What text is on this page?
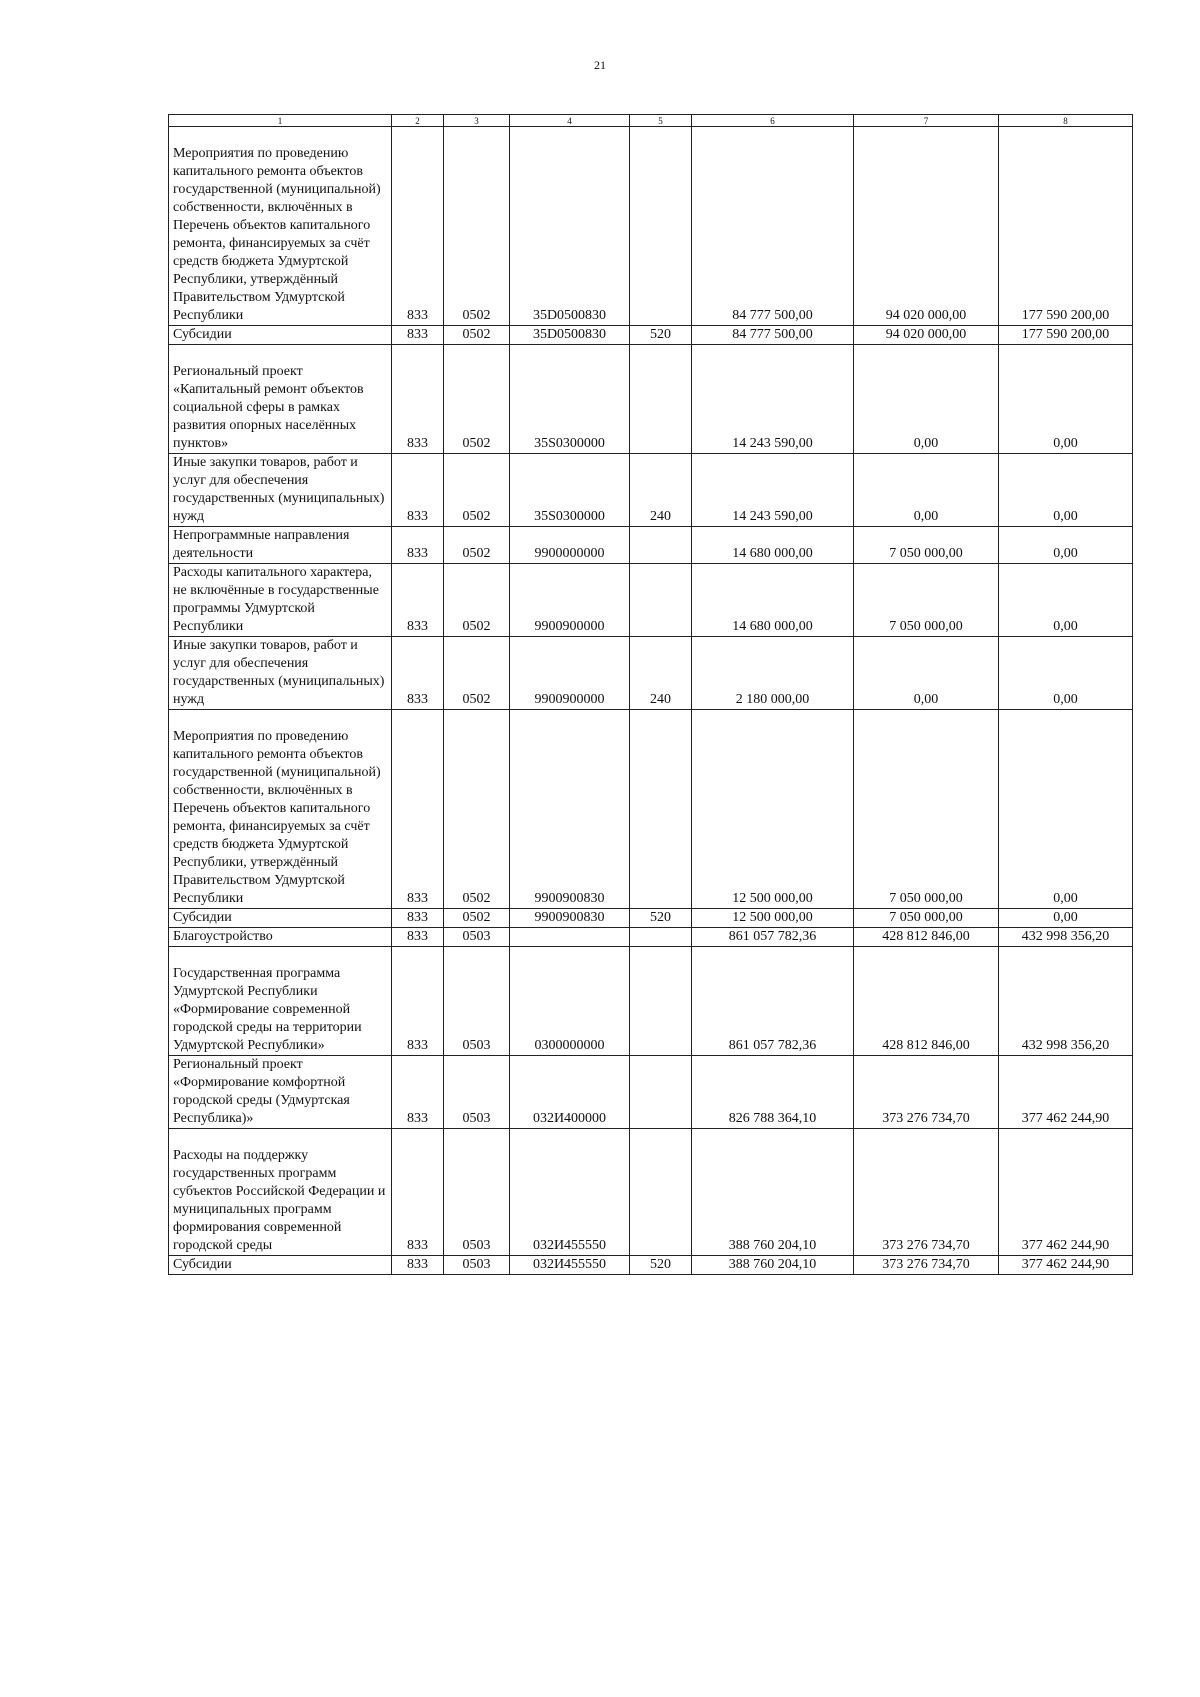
21
1	2	3	4	5	6	7	8

Мероприятия по проведению капитального ремонта объектов государственной (муниципальной) собственности, включённых в Перечень объектов капитального ремонта, финансируемых за счёт средств бюджета Удмуртской Республики, утверждённый Правительством Удмуртской Республики	833	0502	35D0500830		84 777 500,00	94 020 000,00	177 590 200,00
Субсидии	833	0502	35D0500830	520	84 777 500,00	94 020 000,00	177 590 200,00

Региональный проект «Капитальный ремонт объектов социальной сферы в рамках развития опорных населённых пунктов»	833	0502	35S0300000		14 243 590,00	0,00	0,00
Иные закупки товаров, работ и услуг для обеспечения государственных (муниципальных) нужд	833	0502	35S0300000	240	14 243 590,00	0,00	0,00
Непрограммные направления деятельности	833	0502	9900000000		14 680 000,00	7 050 000,00	0,00
Расходы капитального характера, не включённые в государственные программы Удмуртской Республики	833	0502	9900900000		14 680 000,00	7 050 000,00	0,00
Иные закупки товаров, работ и услуг для обеспечения государственных (муниципальных) нужд	833	0502	9900900000	240	2 180 000,00	0,00	0,00

Мероприятия по проведению капитального ремонта объектов государственной (муниципальной) собственности, включённых в Перечень объектов капитального ремонта, финансируемых за счёт средств бюджета Удмуртской Республики, утверждённый Правительством Удмуртской Республики	833	0502	9900900830		12 500 000,00	7 050 000,00	0,00
Субсидии	833	0502	9900900830	520	12 500 000,00	7 050 000,00	0,00
Благоустройство	833	0503			861 057 782,36	428 812 846,00	432 998 356,20

Государственная программа Удмуртской Республики «Формирование современной городской среды на территории Удмуртской Республики»	833	0503	0300000000		861 057 782,36	428 812 846,00	432 998 356,20
Региональный проект «Формирование комфортной городской среды (Удмуртская Республика)»	833	0503	032И400000		826 788 364,10	373 276 734,70	377 462 244,90

Расходы на поддержку государственных программ субъектов Российской Федерации и муниципальных программ формирования современной городской среды	833	0503	032И455550		388 760 204,10	373 276 734,70	377 462 244,90
Субсидии	833	0503	032И455550	520	388 760 204,10	373 276 734,70	377 462 244,90
